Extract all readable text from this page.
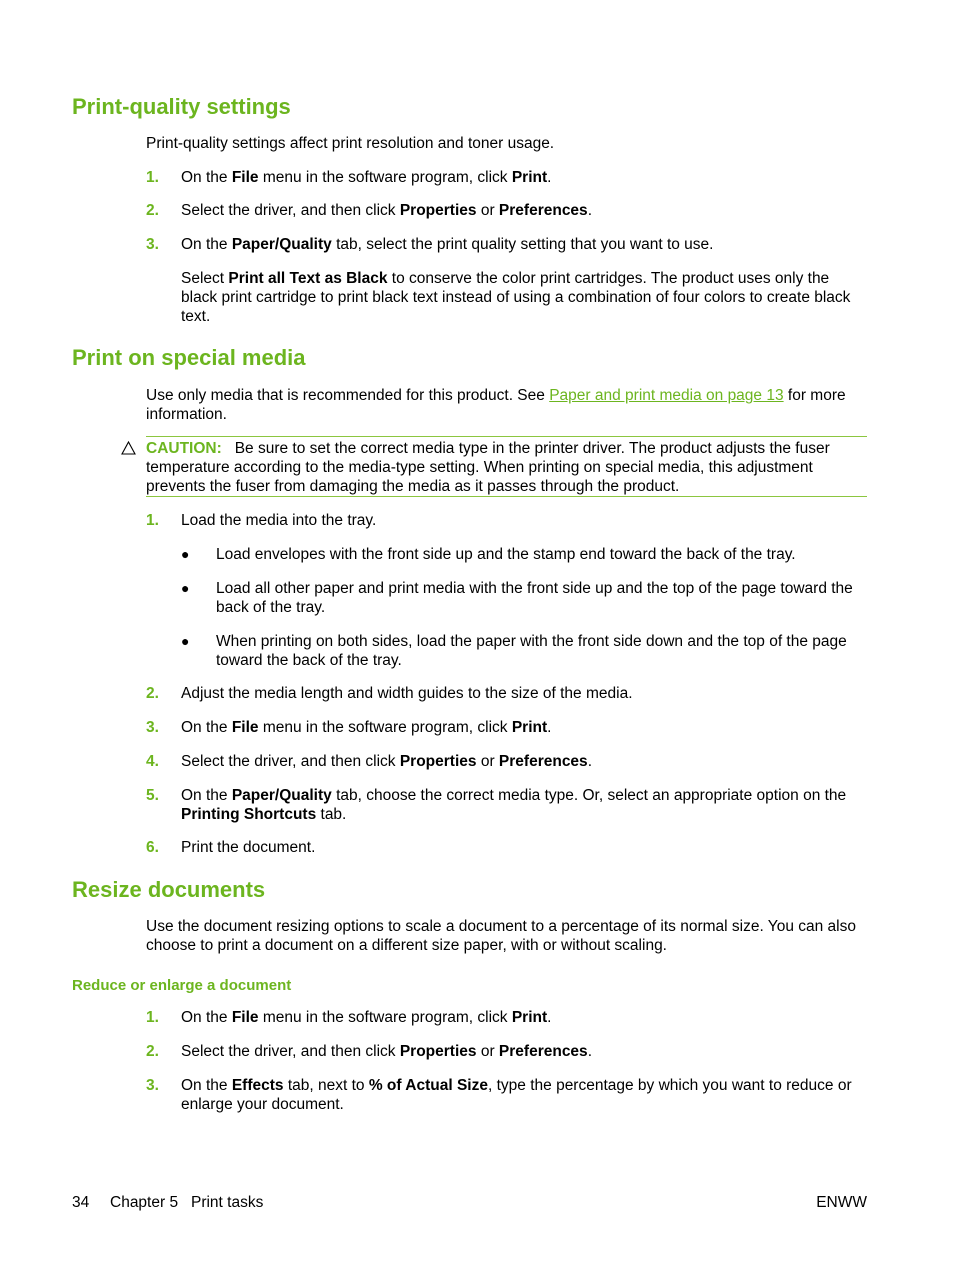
Print-quality settings
Print-quality settings affect print resolution and toner usage.
1.	On the File menu in the software program, click Print.
2.	Select the driver, and then click Properties or Preferences.
3.	On the Paper/Quality tab, select the print quality setting that you want to use.
Select Print all Text as Black to conserve the color print cartridges. The product uses only the black print cartridge to print black text instead of using a combination of four colors to create black text.
Print on special media
Use only media that is recommended for this product. See Paper and print media on page 13 for more information.
CAUTION: Be sure to set the correct media type in the printer driver. The product adjusts the fuser temperature according to the media-type setting. When printing on special media, this adjustment prevents the fuser from damaging the media as it passes through the product.
1.	Load the media into the tray.
●	Load envelopes with the front side up and the stamp end toward the back of the tray.
●	Load all other paper and print media with the front side up and the top of the page toward the back of the tray.
●	When printing on both sides, load the paper with the front side down and the top of the page toward the back of the tray.
2.	Adjust the media length and width guides to the size of the media.
3.	On the File menu in the software program, click Print.
4.	Select the driver, and then click Properties or Preferences.
5.	On the Paper/Quality tab, choose the correct media type. Or, select an appropriate option on the Printing Shortcuts tab.
6.	Print the document.
Resize documents
Use the document resizing options to scale a document to a percentage of its normal size. You can also choose to print a document on a different size paper, with or without scaling.
Reduce or enlarge a document
1.	On the File menu in the software program, click Print.
2.	Select the driver, and then click Properties or Preferences.
3.	On the Effects tab, next to % of Actual Size, type the percentage by which you want to reduce or enlarge your document.
34 Chapter 5   Print tasks	ENWW
